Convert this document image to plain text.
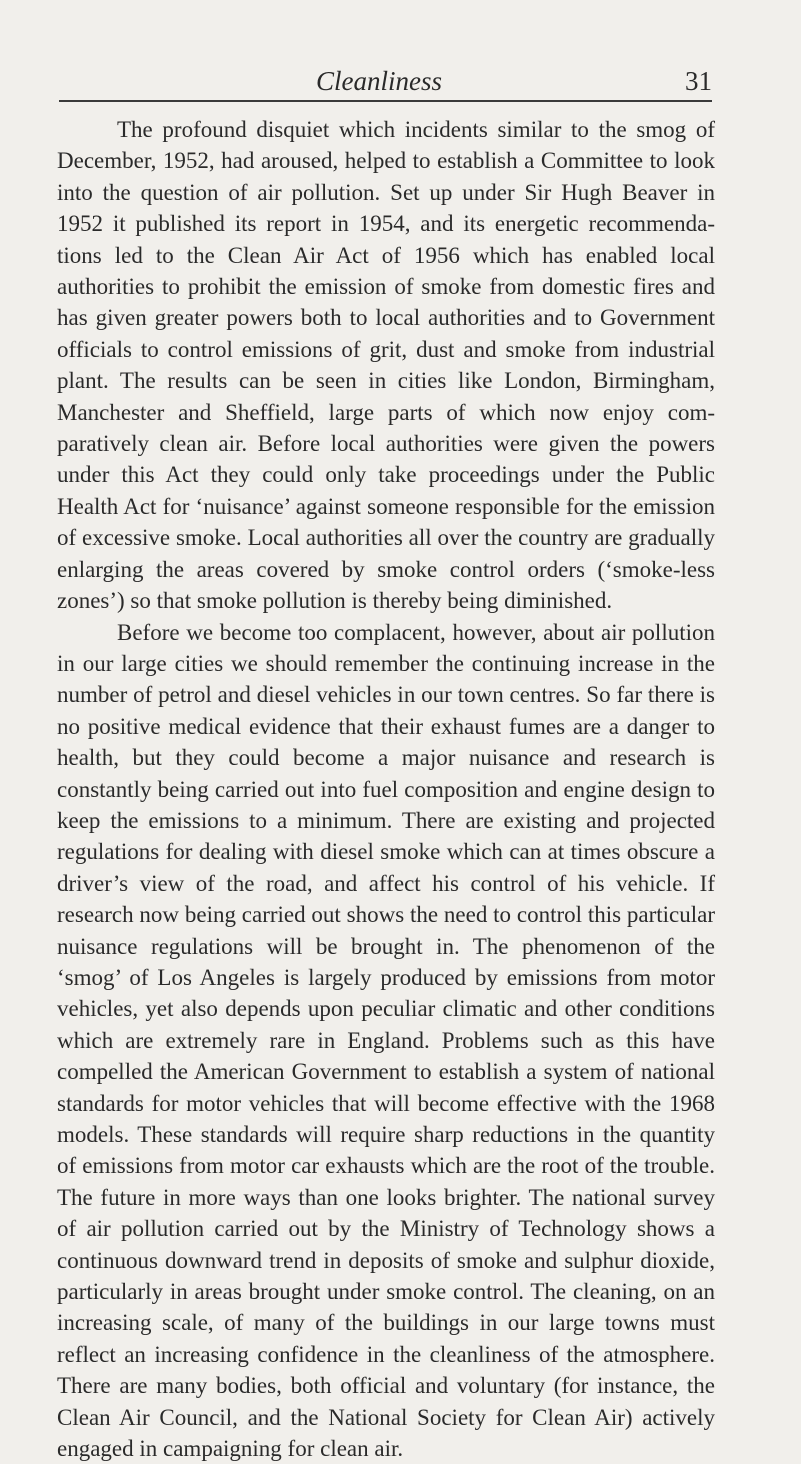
Cleanliness	31

The profound disquiet which incidents similar to the smog of December, 1952, had aroused, helped to establish a Committee to look into the question of air pollution. Set up under Sir Hugh Beaver in 1952 it published its report in 1954, and its energetic recommenda-tions led to the Clean Air Act of 1956 which has enabled local authorities to prohibit the emission of smoke from domestic fires and has given greater powers both to local authorities and to Government officials to control emissions of grit, dust and smoke from industrial plant. The results can be seen in cities like London, Birmingham, Manchester and Sheffield, large parts of which now enjoy com-paratively clean air. Before local authorities were given the powers under this Act they could only take proceedings under the Public Health Act for ‘nuisance’ against someone responsible for the emission of excessive smoke. Local authorities all over the country are gradually enlarging the areas covered by smoke control orders (‘smoke-less zones’) so that smoke pollution is thereby being diminished.

Before we become too complacent, however, about air pollution in our large cities we should remember the continuing increase in the number of petrol and diesel vehicles in our town centres. So far there is no positive medical evidence that their exhaust fumes are a danger to health, but they could become a major nuisance and research is constantly being carried out into fuel composition and engine design to keep the emissions to a minimum. There are existing and projected regulations for dealing with diesel smoke which can at times obscure a driver’s view of the road, and affect his control of his vehicle. If research now being carried out shows the need to control this particular nuisance regulations will be brought in. The phenomenon of the ‘smog’ of Los Angeles is largely produced by emissions from motor vehicles, yet also depends upon peculiar climatic and other conditions which are extremely rare in England. Problems such as this have compelled the American Government to establish a system of national standards for motor vehicles that will become effective with the 1968 models. These standards will require sharp reductions in the quantity of emissions from motor car exhausts which are the root of the trouble. The future in more ways than one looks brighter. The national survey of air pollution carried out by the Ministry of Technology shows a continuous downward trend in deposits of smoke and sulphur dioxide, particularly in areas brought under smoke control. The cleaning, on an increasing scale, of many of the buildings in our large towns must reflect an increasing confidence in the cleanliness of the atmosphere. There are many bodies, both official and voluntary (for instance, the Clean Air Council, and the National Society for Clean Air) actively engaged in campaigning for clean air.
